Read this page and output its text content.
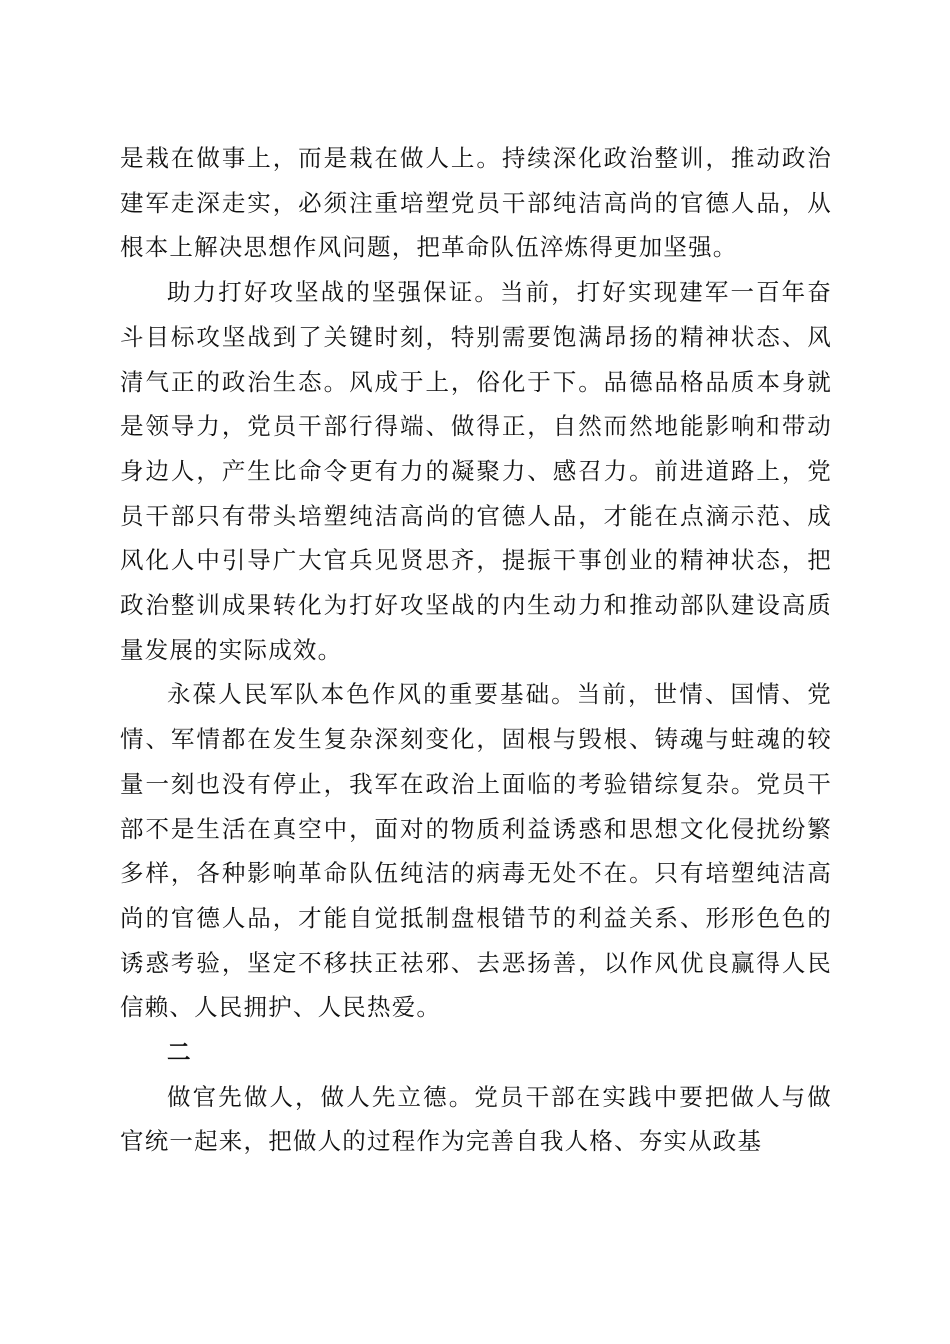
是栽在做事上，而是栽在做人上。持续深化政治整训，推动政治建军走深走实，必须注重培塑党员干部纯洁高尚的官德人品，从根本上解决思想作风问题，把革命队伍淬炼得更加坚强。

助力打好攻坚战的坚强保证。当前，打好实现建军一百年奋斗目标攻坚战到了关键时刻，特别需要饱满昂扬的精神状态、风清气正的政治生态。风成于上，俗化于下。品德品格品质本身就是领导力，党员干部行得端、做得正，自然而然地能影响和带动身边人，产生比命令更有力的凝聚力、感召力。前进道路上，党员干部只有带头培塑纯洁高尚的官德人品，才能在点滴示范、成风化人中引导广大官兵见贤思齐，提振干事创业的精神状态，把政治整训成果转化为打好攻坚战的内生动力和推动部队建设高质量发展的实际成效。

永葆人民军队本色作风的重要基础。当前，世情、国情、党情、军情都在发生复杂深刻变化，固根与毁根、铸魂与蛀魂的较量一刻也没有停止，我军在政治上面临的考验错综复杂。党员干部不是生活在真空中，面对的物质利益诱惑和思想文化侵扰纷繁多样，各种影响革命队伍纯洁的病毒无处不在。只有培塑纯洁高尚的官德人品，才能自觉抵制盘根错节的利益关系、形形色色的诱惑考验，坚定不移扶正祛邪、去恶扬善，以作风优良赢得人民信赖、人民拥护、人民热爱。

二

做官先做人，做人先立德。党员干部在实践中要把做人与做官统一起来，把做人的过程作为完善自我人格、夯实从政基
